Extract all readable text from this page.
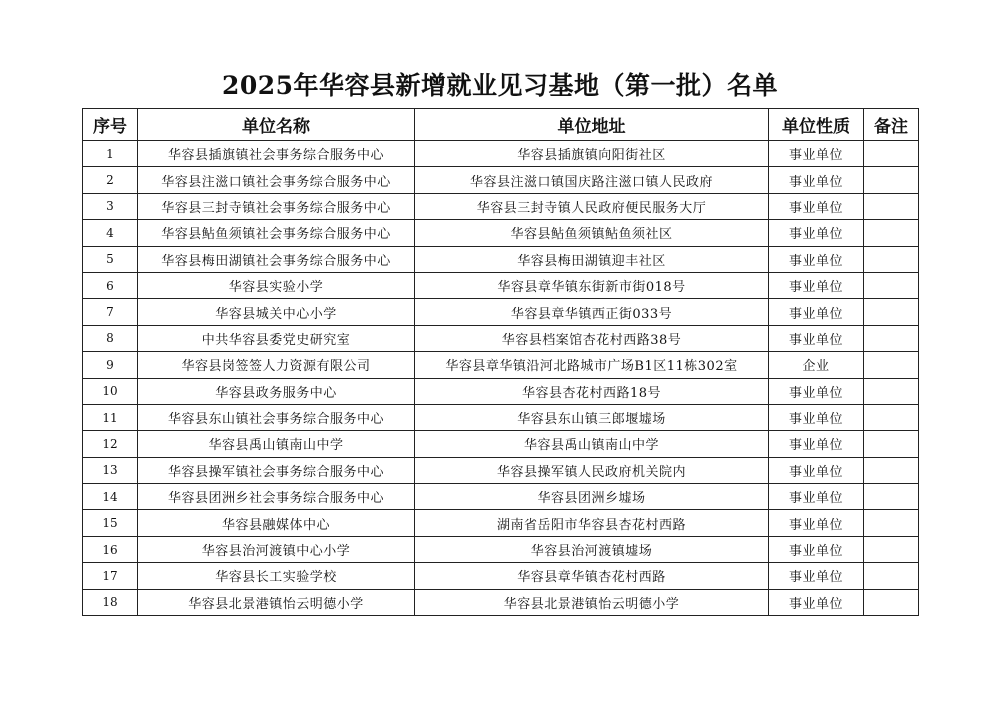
2025年华容县新增就业见习基地（第一批）名单
序号	单位名称	单位地址	单位性质	备注
1	华容县插旗镇社会事务综合服务中心	华容县插旗镇向阳街社区	事业单位	
2	华容县注滋口镇社会事务综合服务中心	华容县注滋口镇国庆路注滋口镇人民政府	事业单位	
3	华容县三封寺镇社会事务综合服务中心	华容县三封寺镇人民政府便民服务大厅	事业单位	
4	华容县鲇鱼须镇社会事务综合服务中心	华容县鲇鱼须镇鲇鱼须社区	事业单位	
5	华容县梅田湖镇社会事务综合服务中心	华容县梅田湖镇迎丰社区	事业单位	
6	华容县实验小学	华容县章华镇东街新市街018号	事业单位	
7	华容县城关中心小学	华容县章华镇西正街033号	事业单位	
8	中共华容县委党史研究室	华容县档案馆杏花村西路38号	事业单位	
9	华容县岗签签人力资源有限公司	华容县章华镇沿河北路城市广场B1区11栋302室	企业	
10	华容县政务服务中心	华容县杏花村西路18号	事业单位	
11	华容县东山镇社会事务综合服务中心	华容县东山镇三郎堰墟场	事业单位	
12	华容县禹山镇南山中学	华容县禹山镇南山中学	事业单位	
13	华容县操军镇社会事务综合服务中心	华容县操军镇人民政府机关院内	事业单位	
14	华容县团洲乡社会事务综合服务中心	华容县团洲乡墟场	事业单位	
15	华容县融媒体中心	湖南省岳阳市华容县杏花村西路	事业单位	
16	华容县治河渡镇中心小学	华容县治河渡镇墟场	事业单位	
17	华容县长工实验学校	华容县章华镇杏花村西路	事业单位	
18	华容县北景港镇怡云明德小学	华容县北景港镇怡云明德小学	事业单位	
